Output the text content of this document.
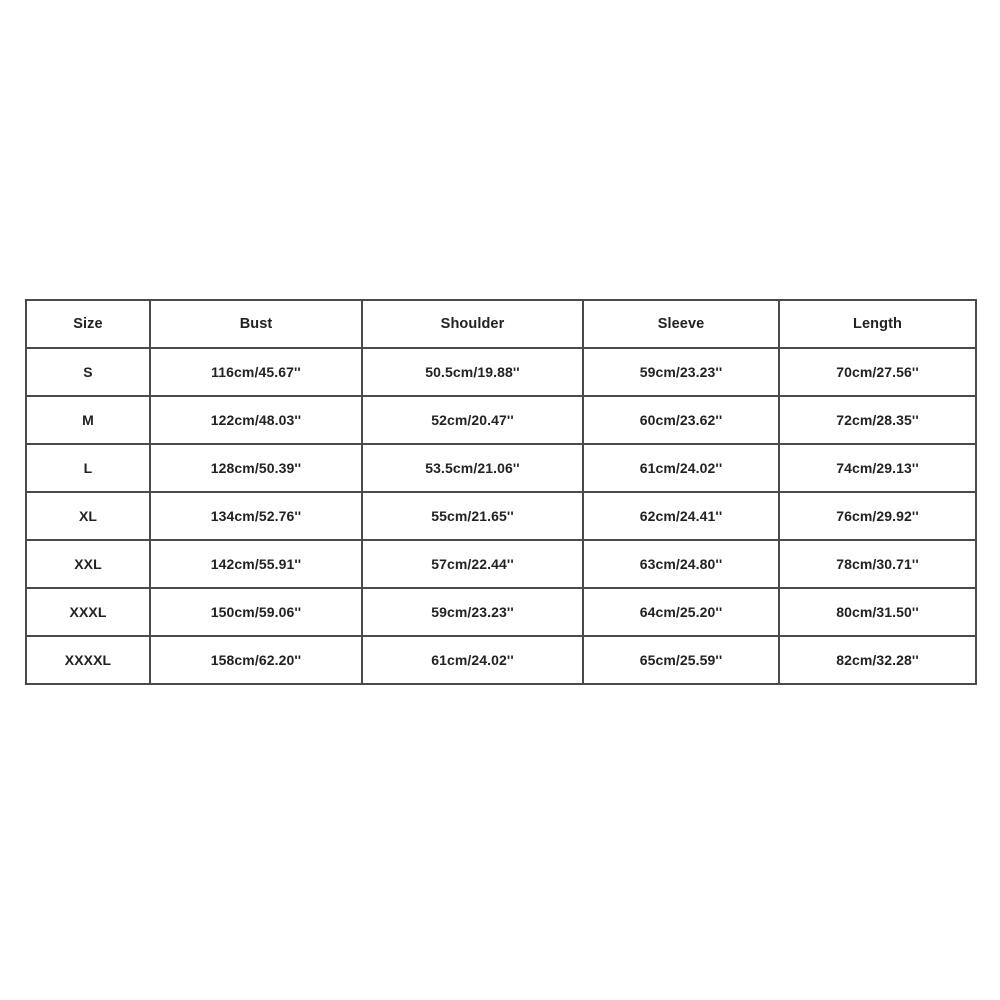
Size	Bust	Shoulder	Sleeve	Length
S	116cm/45.67''	50.5cm/19.88''	59cm/23.23''	70cm/27.56''
M	122cm/48.03''	52cm/20.47''	60cm/23.62''	72cm/28.35''
L	128cm/50.39''	53.5cm/21.06''	61cm/24.02''	74cm/29.13''
XL	134cm/52.76''	55cm/21.65''	62cm/24.41''	76cm/29.92''
XXL	142cm/55.91''	57cm/22.44''	63cm/24.80''	78cm/30.71''
XXXL	150cm/59.06''	59cm/23.23''	64cm/25.20''	80cm/31.50''
XXXXL	158cm/62.20''	61cm/24.02''	65cm/25.59''	82cm/32.28''
